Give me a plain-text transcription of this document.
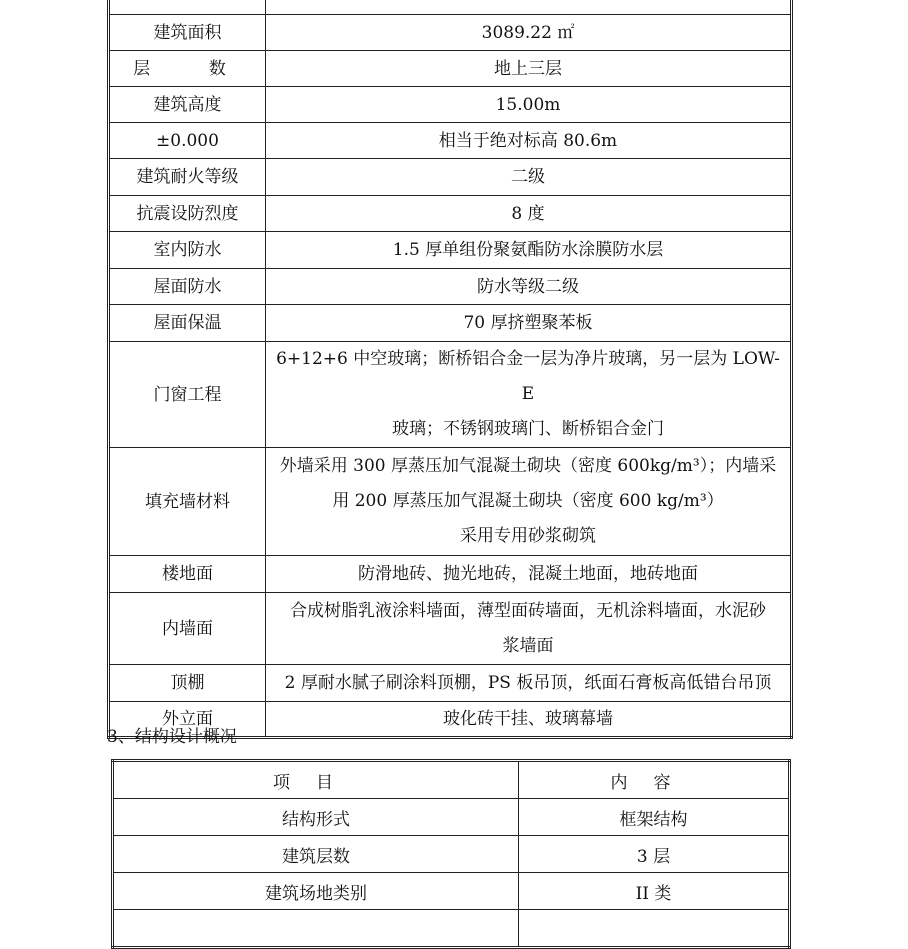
建筑面积	3089.22 ㎡
层  数	地上三层
建筑高度	15.00m
±0.000	相当于绝对标高 80.6m
建筑耐火等级	二级
抗震设防烈度	8 度
室内防水	1.5 厚单组份聚氨酯防水涂膜防水层
屋面防水	防水等级二级
屋面保温	70 厚挤塑聚苯板
门窗工程	6+12+6 中空玻璃；断桥铝合金一层为净片玻璃，另一层为 LOW-E
玻璃；不锈钢玻璃门、断桥铝合金门

填充墙材料	外墙采用 300 厚蒸压加气混凝土砌块（密度 600kg/m³）；内墙采
用 200 厚蒸压加气混凝土砌块（密度 600 kg/m³）
采用专用砂浆砌筑

楼地面	防滑地砖、抛光地砖，混凝土地面，地砖地面
内墙面	合成树脂乳液涂料墙面，薄型面砖墙面，无机涂料墙面，水泥砂
浆墙面

顶棚	2 厚耐水腻子刷涂料顶棚，PS 板吊顶，纸面石膏板高低错台吊顶
外立面	玻化砖干挂、玻璃幕墙
3、结构设计概况
项目	内容
结构形式	框架结构
建筑层数	3 层
建筑场地类别	II 类
